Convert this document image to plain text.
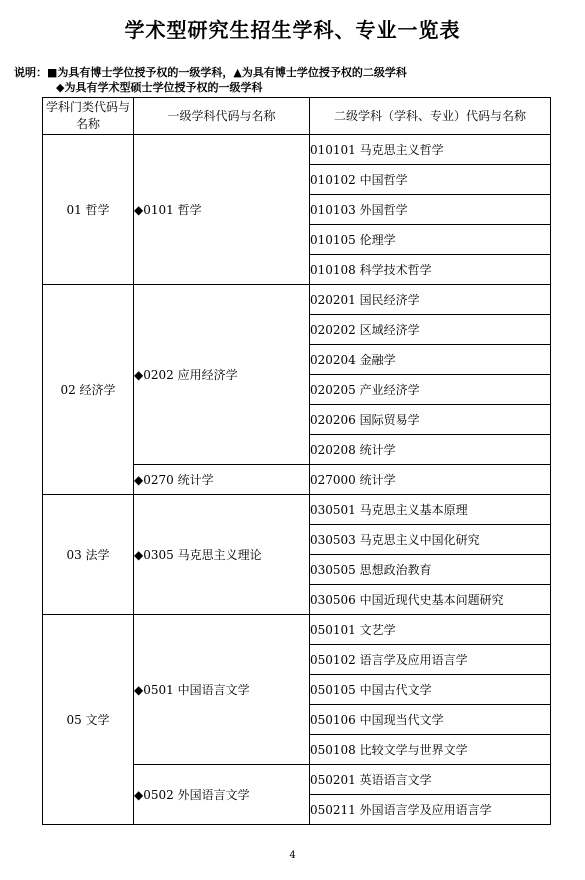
学术型研究生招生学科、专业一览表
说明：■为具有博士学位授予权的一级学科，▲为具有博士学位授予权的二级学科
◆为具有学术型硕士学位授予权的一级学科
学科门类代码与名称	一级学科代码与名称	二级学科（学科、专业）代码与名称
01 哲学	◆0101 哲学	010101 马克思主义哲学
		010102 中国哲学
		010103 外国哲学
		010105 伦理学
		010108 科学技术哲学
02 经济学	◆0202 应用经济学	020201 国民经济学
		020202 区域经济学
		020204 金融学
		020205 产业经济学
		020206 国际贸易学
		020208 统计学
	◆0270 统计学	027000 统计学
03 法学	◆0305 马克思主义理论	030501 马克思主义基本原理
		030503 马克思主义中国化研究
		030505 思想政治教育
		030506 中国近现代史基本问题研究
05 文学	◆0501 中国语言文学	050101 文艺学
		050102 语言学及应用语言学
		050105 中国古代文学
		050106 中国现当代文学
		050108 比较文学与世界文学
	◆0502 外国语言文学	050201 英语语言文学
		050211 外国语言学及应用语言学
4
